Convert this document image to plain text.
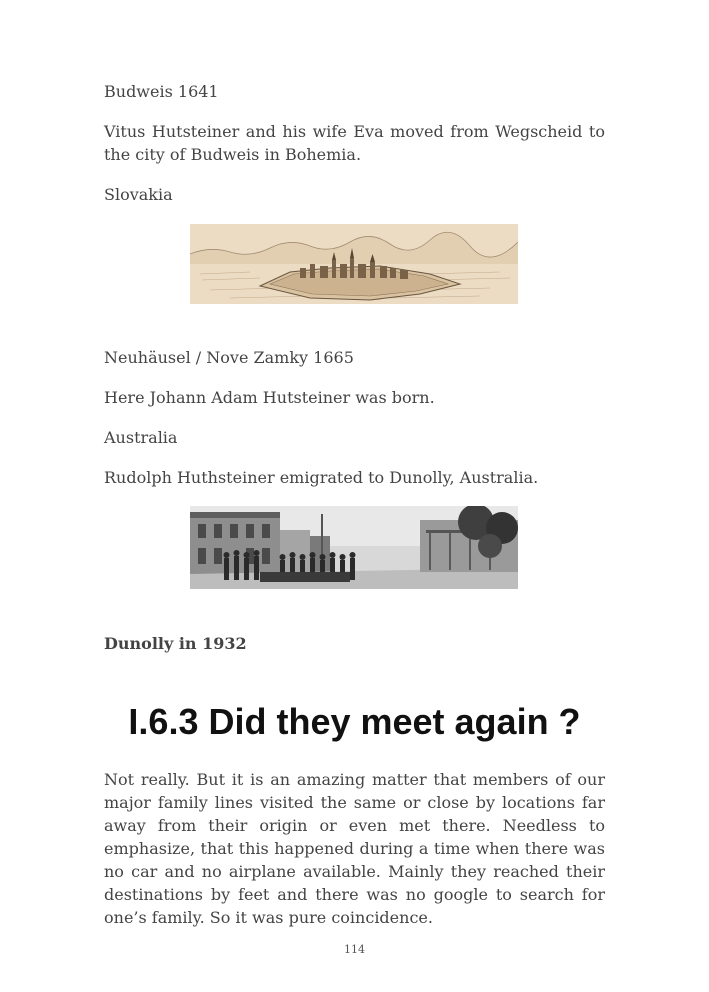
Budweis 1641

Vitus Hutsteiner and his wife Eva moved from Wegscheid to the city of Budweis in Bohemia.

Slovakia

Neuhäusel / Nove Zamky 1665

Here Johann Adam Hutsteiner was born.

Australia

Rudolph Huthsteiner emigrated to Dunolly, Australia.

Dunolly in 1932

I.6.3 Did they meet again ?

Not really. But it is an amazing matter that members of our major family lines visited the same or close by locations far away from their origin or even met there. Needless to emphasize, that this happened during a time when there was no car and no airplane available. Mainly they reached their destinations by feet and there was no google to search for one’s family. So it was pure coincidence.

114
